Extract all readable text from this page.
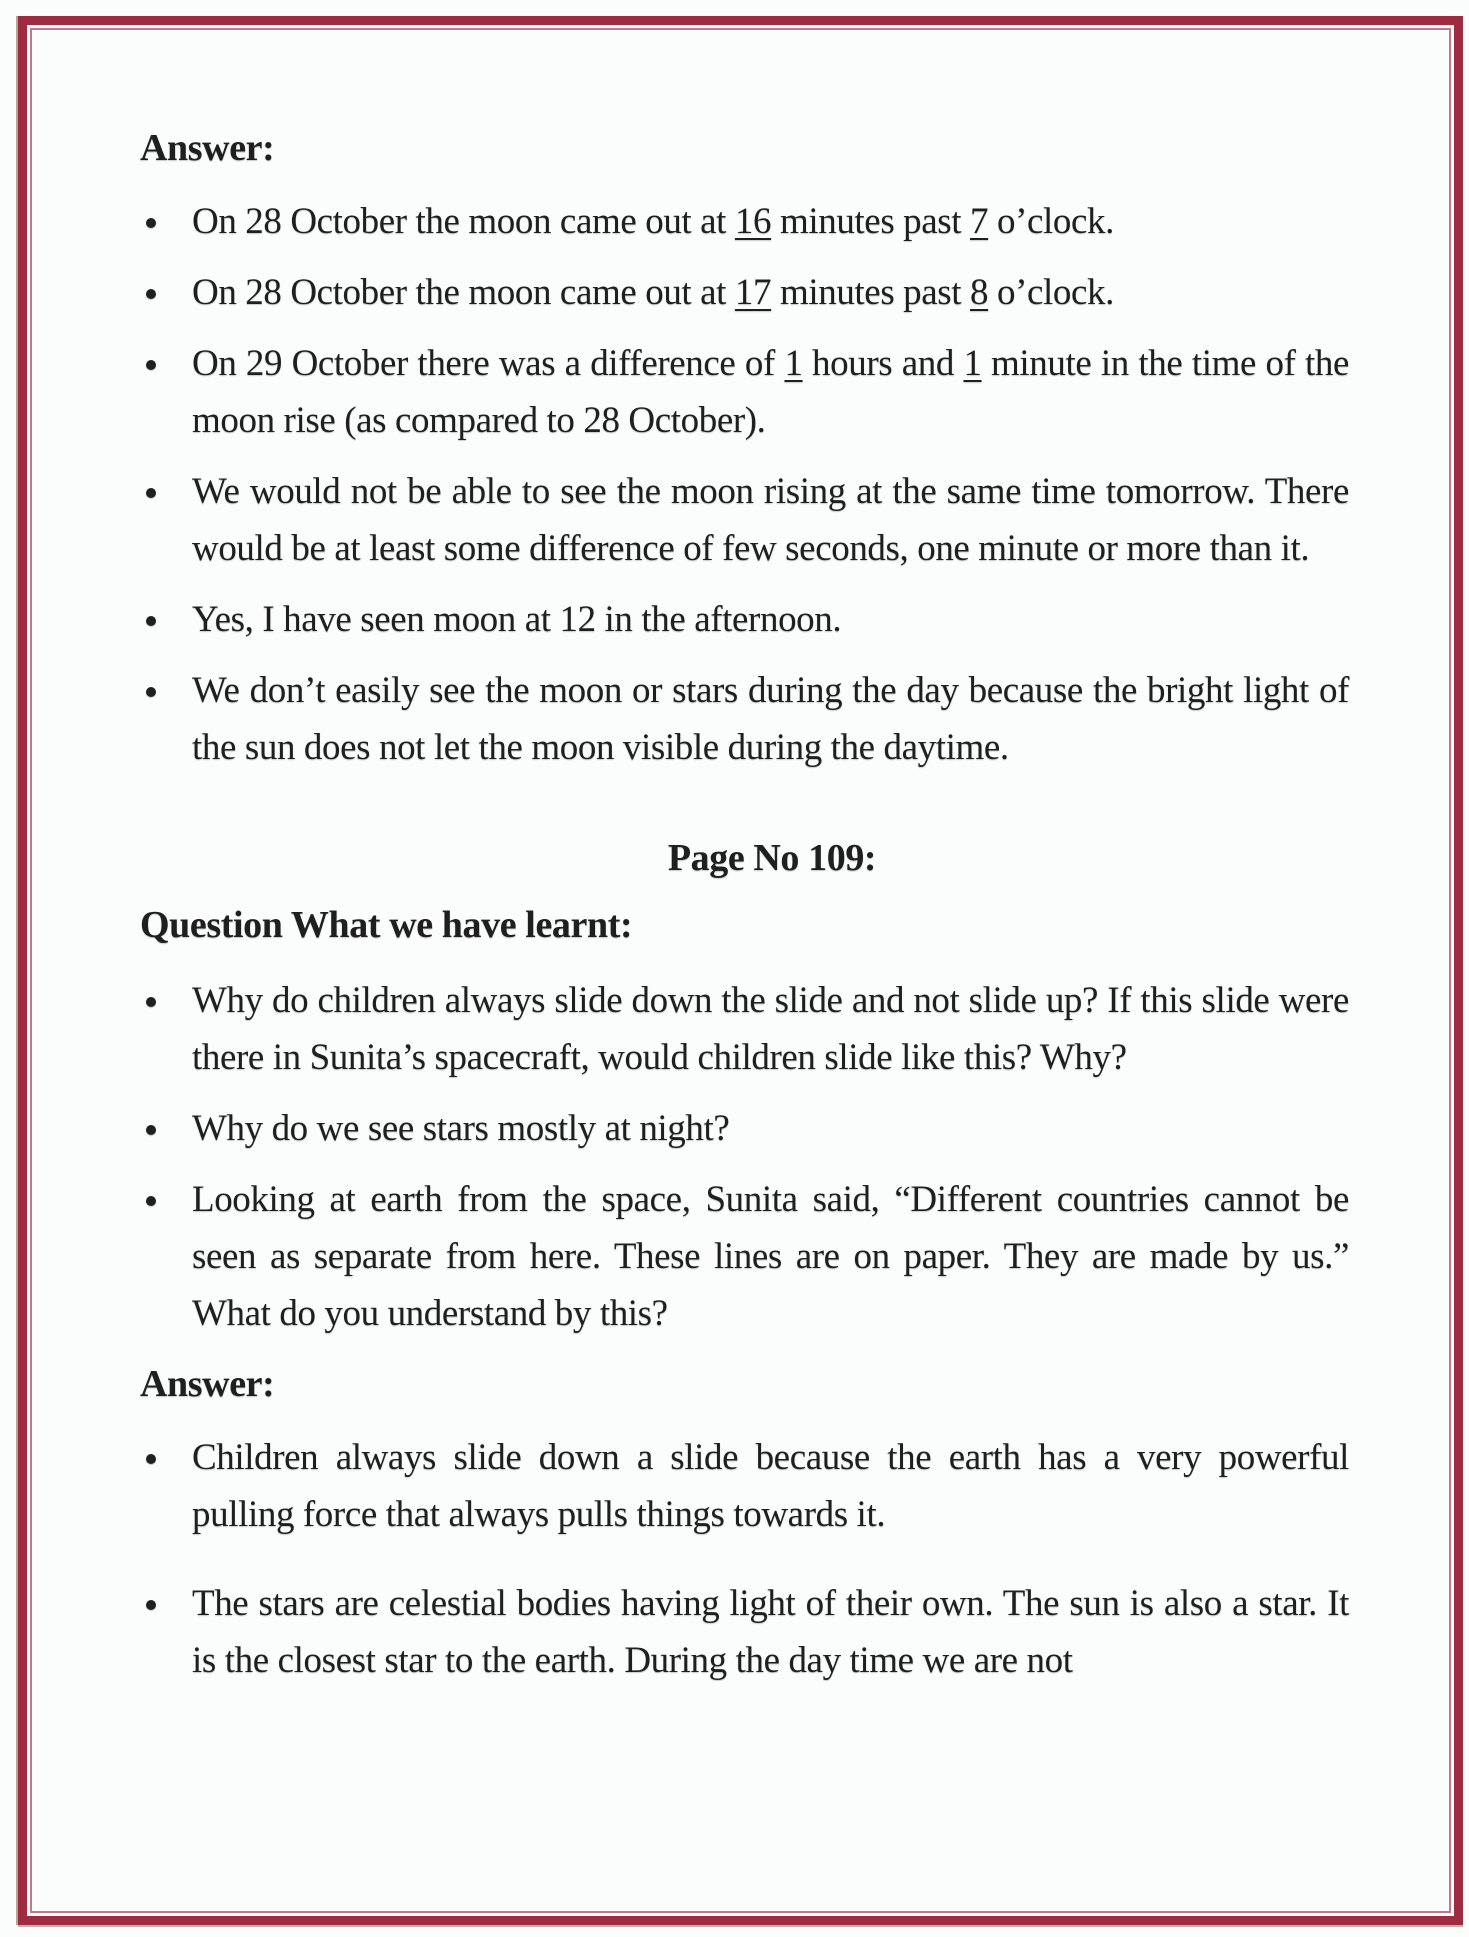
Answer:

On 28 October the moon came out at 16 minutes past 7 o’clock.

On 28 October the moon came out at 17 minutes past 8 o’clock.

On 29 October there was a difference of 1 hours and 1 minute in the time of the moon rise (as compared to 28 October).

We would not be able to see the moon rising at the same time tomorrow. There would be at least some difference of few seconds, one minute or more than it.

Yes, I have seen moon at 12 in the afternoon.

We don’t easily see the moon or stars during the day because the bright light of the sun does not let the moon visible during the daytime.

Page No 109:

Question What we have learnt:

Why do children always slide down the slide and not slide up? If this slide were there in Sunita’s spacecraft, would children slide like this? Why?

Why do we see stars mostly at night?

Looking at earth from the space, Sunita said, “Different countries cannot be seen as separate from here. These lines are on paper. They are made by us.” What do you understand by this?

Answer:

Children always slide down a slide because the earth has a very powerful pulling force that always pulls things towards it.

The stars are celestial bodies having light of their own. The sun is also a star. It is the closest star to the earth. During the day time we are not
